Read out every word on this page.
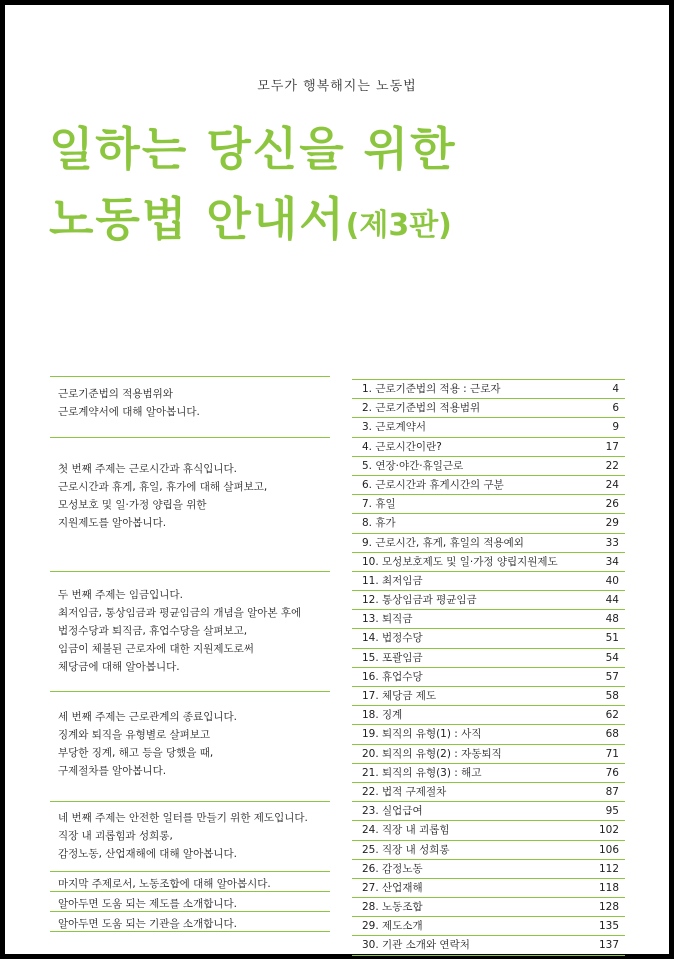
모두가 행복해지는 노동법
일하는 당신을 위한
노동법 안내서(제3판)
근로기준법의 적용범위와
근로계약서에 대해 알아봅니다.
첫 번째 주제는 근로시간과 휴식입니다.
근로시간과 휴게, 휴일, 휴가에 대해 살펴보고,
모성보호 및 일·가정 양립을 위한
지원제도를 알아봅니다.
두 번째 주제는 임금입니다.
최저임금, 통상임금과 평균임금의 개념을 알아본 후에
법정수당과 퇴직금, 휴업수당을 살펴보고,
임금이 체불된 근로자에 대한 지원제도로써
체당금에 대해 알아봅니다.
세 번째 주제는 근로관계의 종료입니다.
징계와 퇴직을 유형별로 살펴보고
부당한 징계, 해고 등을 당했을 때,
구제절차를 알아봅니다.
네 번째 주제는 안전한 일터를 만들기 위한 제도입니다.
직장 내 괴롭힘과 성희롱,
감정노동, 산업재해에 대해 알아봅니다.
마지막 주제로서, 노동조합에 대해 알아봅시다.
알아두면 도움 되는 제도를 소개합니다.
알아두면 도움 되는 기관을 소개합니다.
1. 근로기준법의 적용 : 근로자	4
2. 근로기준법의 적용범위	6
3. 근로계약서	9
4. 근로시간이란?	17
5. 연장·야간·휴일근로	22
6. 근로시간과 휴게시간의 구분	24
7. 휴일	26
8. 휴가	29
9. 근로시간, 휴게, 휴일의 적용예외	33
10. 모성보호제도 및 일·가정 양립지원제도	34
11. 최저임금	40
12. 통상임금과 평균임금	44
13. 퇴직금	48
14. 법정수당	51
15. 포괄임금	54
16. 휴업수당	57
17. 체당금 제도	58
18. 징계	62
19. 퇴직의 유형(1) : 사직	68
20. 퇴직의 유형(2) : 자동퇴직	71
21. 퇴직의 유형(3) : 해고	76
22. 법적 구제절차	87
23. 실업급여	95
24. 직장 내 괴롭힘	102
25. 직장 내 성희롱	106
26. 감정노동	112
27. 산업재해	118
28. 노동조합	128
29. 제도소개	135
30. 기관 소개와 연락처	137
